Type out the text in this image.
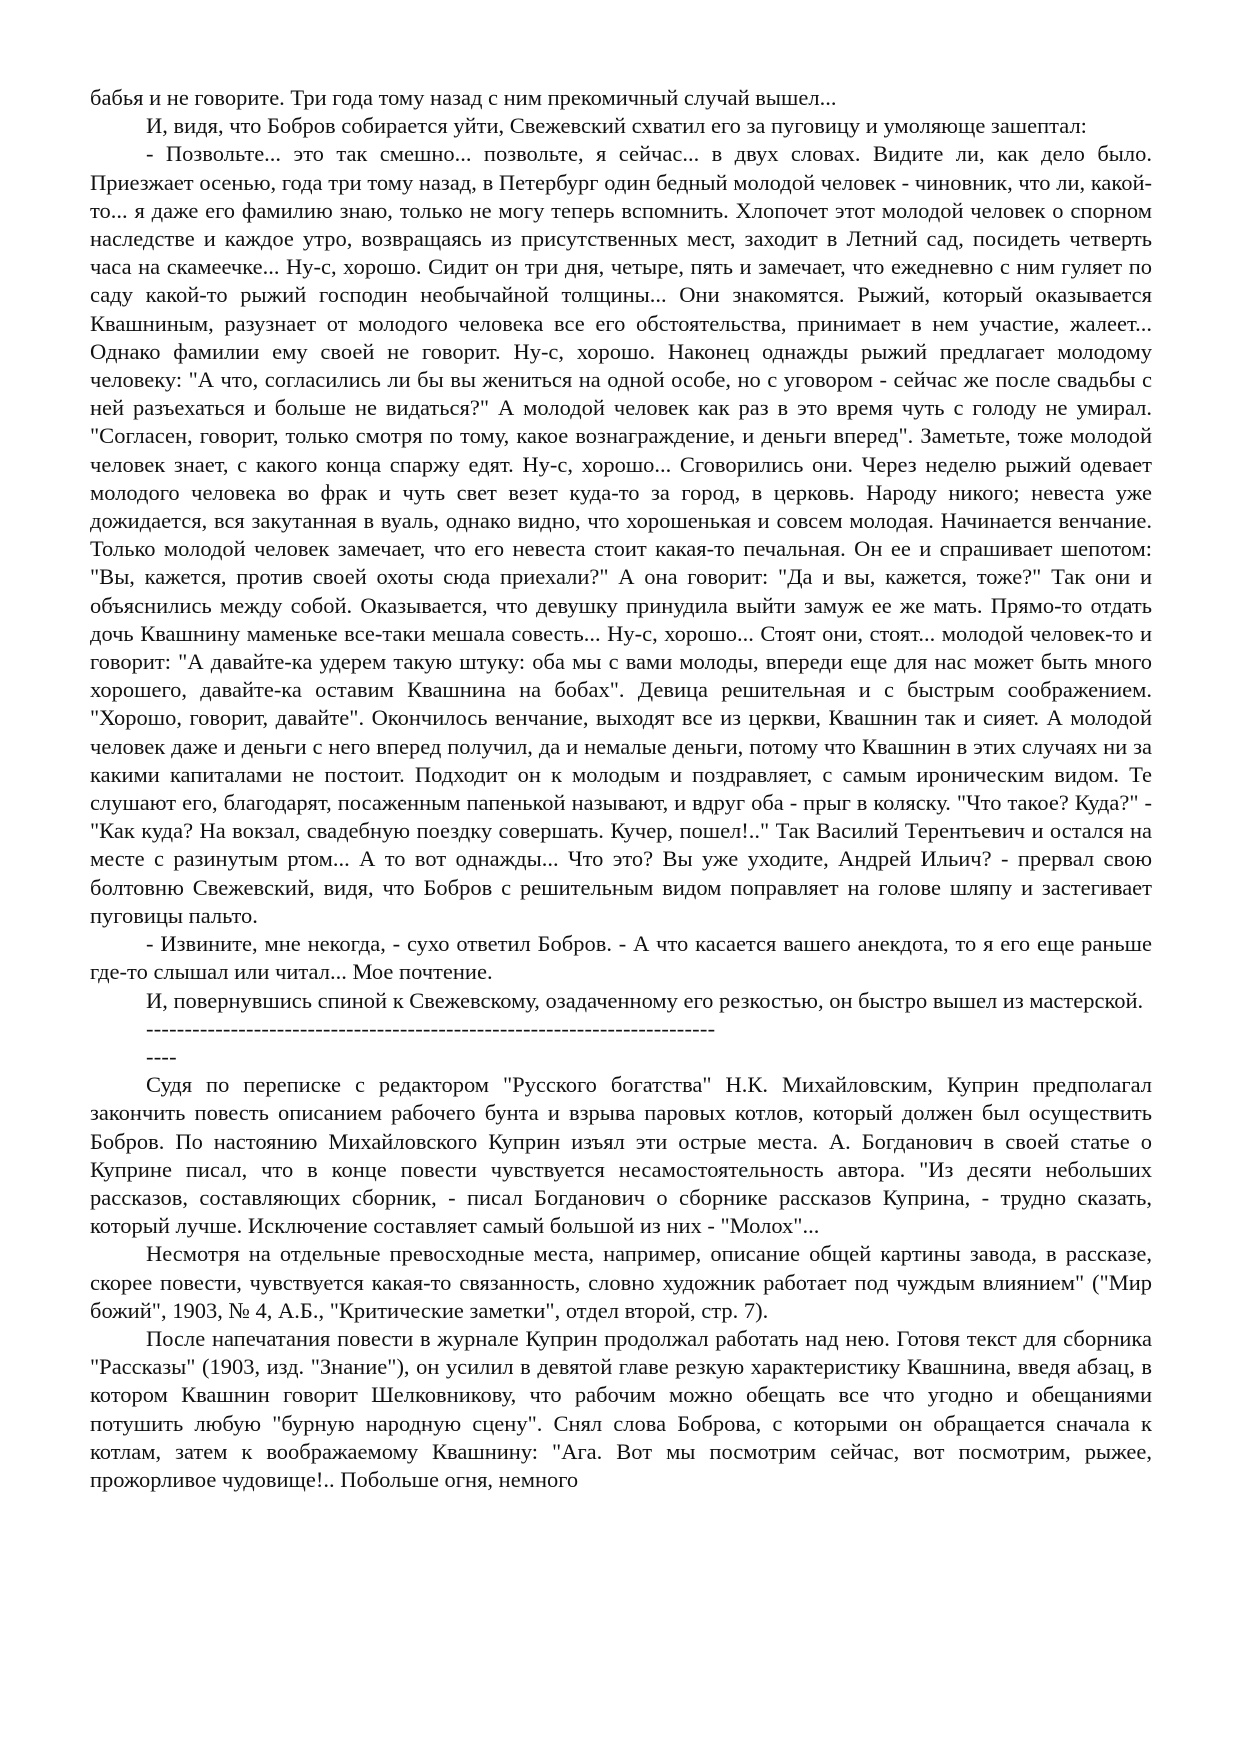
бабья и не говорите. Три года тому назад с ним прекомичный случай вышел...

И, видя, что Бобров собирается уйти, Свежевский схватил его за пуговицу и умоляюще зашептал:

- Позвольте... это так смешно... позвольте, я сейчас... в двух словах. Видите ли, как дело было. Приезжает осенью, года три тому назад, в Петербург один бедный молодой человек - чиновник, что ли, какой-то... я даже его фамилию знаю, только не могу теперь вспомнить. Хлопочет этот молодой человек о спорном наследстве и каждое утро, возвращаясь из присутственных мест, заходит в Летний сад, посидеть четверть часа на скамеечке... Ну-с, хорошо. Сидит он три дня, четыре, пять и замечает, что ежедневно с ним гуляет по саду какой-то рыжий господин необычайной толщины... Они знакомятся. Рыжий, который оказывается Квашниным, разузнает от молодого человека все его обстоятельства, принимает в нем участие, жалеет... Однако фамилии ему своей не говорит. Ну-с, хорошо. Наконец однажды рыжий предлагает молодому человеку: "А что, согласились ли бы вы жениться на одной особе, но с уговором - сейчас же после свадьбы с ней разъехаться и больше не видаться?" А молодой человек как раз в это время чуть с голоду не умирал. "Согласен, говорит, только смотря по тому, какое вознаграждение, и деньги вперед". Заметьте, тоже молодой человек знает, с какого конца спаржу едят. Ну-с, хорошо... Сговорились они. Через неделю рыжий одевает молодого человека во фрак и чуть свет везет куда-то за город, в церковь. Народу никого; невеста уже дожидается, вся закутанная в вуаль, однако видно, что хорошенькая и совсем молодая. Начинается венчание. Только молодой человек замечает, что его невеста стоит какая-то печальная. Он ее и спрашивает шепотом: "Вы, кажется, против своей охоты сюда приехали?" А она говорит: "Да и вы, кажется, тоже?" Так они и объяснились между собой. Оказывается, что девушку принудила выйти замуж ее же мать. Прямо-то отдать дочь Квашнину маменьке все-таки мешала совесть... Ну-с, хорошо... Стоят они, стоят... молодой человек-то и говорит: "А давайте-ка удерем такую штуку: оба мы с вами молоды, впереди еще для нас может быть много хорошего, давайте-ка оставим Квашнина на бобах". Девица решительная и с быстрым соображением. "Хорошо, говорит, давайте". Окончилось венчание, выходят все из церкви, Квашнин так и сияет. А молодой человек даже и деньги с него вперед получил, да и немалые деньги, потому что Квашнин в этих случаях ни за какими капиталами не постоит. Подходит он к молодым и поздравляет, с самым ироническим видом. Те слушают его, благодарят, посаженным папенькой называют, и вдруг оба - прыг в коляску. "Что такое? Куда?" - "Как куда? На вокзал, свадебную поездку совершать. Кучер, пошел!.." Так Василий Терентьевич и остался на месте с разинутым ртом... А то вот однажды... Что это? Вы уже уходите, Андрей Ильич? - прервал свою болтовню Свежевский, видя, что Бобров с решительным видом поправляет на голове шляпу и застегивает пуговицы пальто.

- Извините, мне некогда, - сухо ответил Бобров. - А что касается вашего анекдота, то я его еще раньше где-то слышал или читал... Мое почтение.

И, повернувшись спиной к Свежевскому, озадаченному его резкостью, он быстро вышел из мастерской.

--------------------------------------------------------------------------
----

Судя по переписке с редактором "Русского богатства" Н.К. Михайловским, Куприн предполагал закончить повесть описанием рабочего бунта и взрыва паровых котлов, который должен был осуществить Бобров. По настоянию Михайловского Куприн изъял эти острые места. А. Богданович в своей статье о Куприне писал, что в конце повести чувствуется несамостоятельность автора. "Из десяти небольших рассказов, составляющих сборник, - писал Богданович о сборнике рассказов Куприна, - трудно сказать, который лучше. Исключение составляет самый большой из них - "Молох"...

Несмотря на отдельные превосходные места, например, описание общей картины завода, в рассказе, скорее повести, чувствуется какая-то связанность, словно художник работает под чуждым влиянием" ("Мир божий", 1903, № 4, А.Б., "Критические заметки", отдел второй, стр. 7).

После напечатания повести в журнале Куприн продолжал работать над нею. Готовя текст для сборника "Рассказы" (1903, изд. "Знание"), он усилил в девятой главе резкую характеристику Квашнина, введя абзац, в котором Квашнин говорит Шелковникову, что рабочим можно обещать все что угодно и обещаниями потушить любую "бурную народную сцену". Снял слова Боброва, с которыми он обращается сначала к котлам, затем к воображаемому Квашнину: "Ага. Вот мы посмотрим сейчас, вот посмотрим, рыжее, прожорливое чудовище!.. Побольше огня, немного
